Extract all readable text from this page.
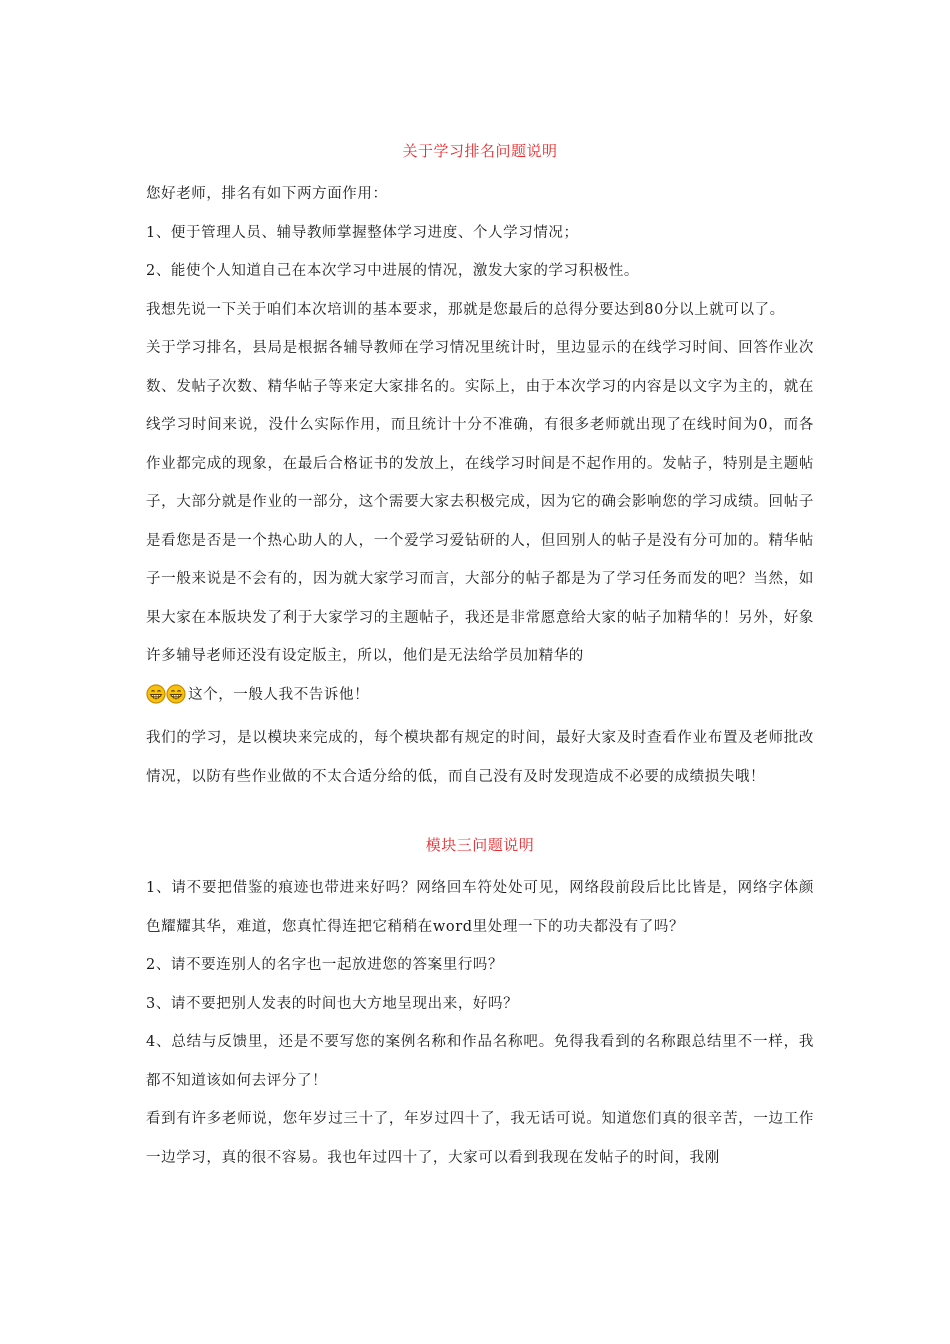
关于学习排名问题说明

您好老师，排名有如下两方面作用：

1、便于管理人员、辅导教师掌握整体学习进度、个人学习情况；

2、能使个人知道自己在本次学习中进展的情况，激发大家的学习积极性。

我想先说一下关于咱们本次培训的基本要求，那就是您最后的总得分要达到80分以上就可以了。

关于学习排名，县局是根据各辅导教师在学习情况里统计时，里边显示的在线学习时间、回答作业次数、发帖子次数、精华帖子等来定大家排名的。实际上，由于本次学习的内容是以文字为主的，就在线学习时间来说，没什么实际作用，而且统计十分不准确，有很多老师就出现了在线时间为0，而各作业都完成的现象，在最后合格证书的发放上，在线学习时间是不起作用的。发帖子，特别是主题帖子，大部分就是作业的一部分，这个需要大家去积极完成，因为它的确会影响您的学习成绩。回帖子是看您是否是一个热心助人的人，一个爱学习爱钻研的人，但回别人的帖子是没有分可加的。精华帖子一般来说是不会有的，因为就大家学习而言，大部分的帖子都是为了学习任务而发的吧？当然，如果大家在本版块发了利于大家学习的主题帖子，我还是非常愿意给大家的帖子加精华的！另外，好象许多辅导老师还没有设定版主，所以，他们是无法给学员加精华的
这个，一般人我不告诉他！

我们的学习，是以模块来完成的，每个模块都有规定的时间，最好大家及时查看作业布置及老师批改情况，以防有些作业做的不太合适分给的低，而自己没有及时发现造成不必要的成绩损失哦！

模块三问题说明

1、请不要把借鉴的痕迹也带进来好吗？网络回车符处处可见，网络段前段后比比皆是，网络字体颜色耀耀其华，难道，您真忙得连把它稍稍在word里处理一下的功夫都没有了吗？

2、请不要连别人的名字也一起放进您的答案里行吗？

3、请不要把别人发表的时间也大方地呈现出来，好吗？

4、总结与反馈里，还是不要写您的案例名称和作品名称吧。免得我看到的名称跟总结里不一样，我都不知道该如何去评分了！

看到有许多老师说，您年岁过三十了，年岁过四十了，我无话可说。知道您们真的很辛苦，一边工作一边学习，真的很不容易。我也年过四十了，大家可以看到我现在发帖子的时间，我刚
